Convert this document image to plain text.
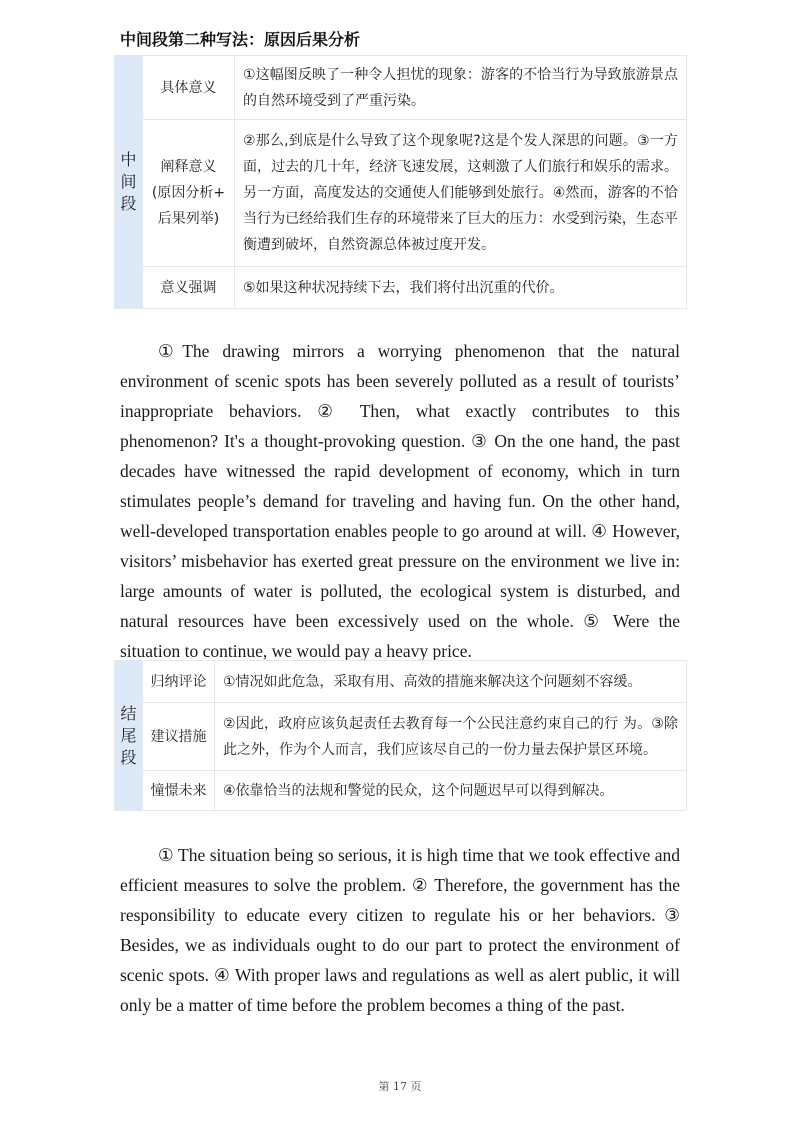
中间段第二种写法：原因后果分析
中
间
段	具体意义	①这幅图反映了一种令人担忧的现象：游客的不恰当行为导致旅游景点的自然环境受到了严重污染。
	阐释意义
(原因分析+
后果列举)	②那么,到底是什么导致了这个现象呢?这是个发人深思的问题。③一方面，过去的几十年，经济飞速发展，这刺激了人们旅行和娱乐的需求。另一方面，高度发达的交通使人们能够到处旅行。④然而，游客的不恰当行为已经给我们生存的环境带来了巨大的压力：水受到污染，生态平衡遭到破坏，自然资源总体被过度开发。
	意义强调	⑤如果这种状况持续下去，我们将付出沉重的代价。

①The drawing mirrors a worrying phenomenon that the natural environment of scenic spots has been severely polluted as a result of tourists’ inappropriate behaviors. ② Then, what exactly contributes to this phenomenon? It's a thought-provoking question. ③ On the one hand, the past decades have witnessed the rapid development of economy, which in turn stimulates people’s demand for traveling and having fun. On the other hand, well-developed transportation enables people to go around at will. ④ However, visitors’ misbehavior has exerted great pressure on the environment we live in: large amounts of water is polluted, the ecological system is disturbed, and natural resources have been excessively used on the whole. ⑤ Were the situation to continue, we would pay a heavy price.

结
尾
段	归纳评论	①情况如此危急，采取有用、高效的措施来解决这个问题刻不容缓。
	建议措施	②因此，政府应该负起责任去教育每一个公民注意约束自己的行 为。③除此之外，作为个人而言，我们应该尽自己的一份力量去保护景区环境。
	憧憬未来	④依靠恰当的法规和警觉的民众，这个问题迟早可以得到解决。

① The situation being so serious, it is high time that we took effective and efficient measures to solve the problem. ② Therefore, the government has the responsibility to educate every citizen to regulate his or her behaviors. ③ Besides, we as individuals ought to do our part to protect the environment of scenic spots. ④ With proper laws and regulations as well as alert public, it will only be a matter of time before the problem becomes a thing of the past.

第 17 页
